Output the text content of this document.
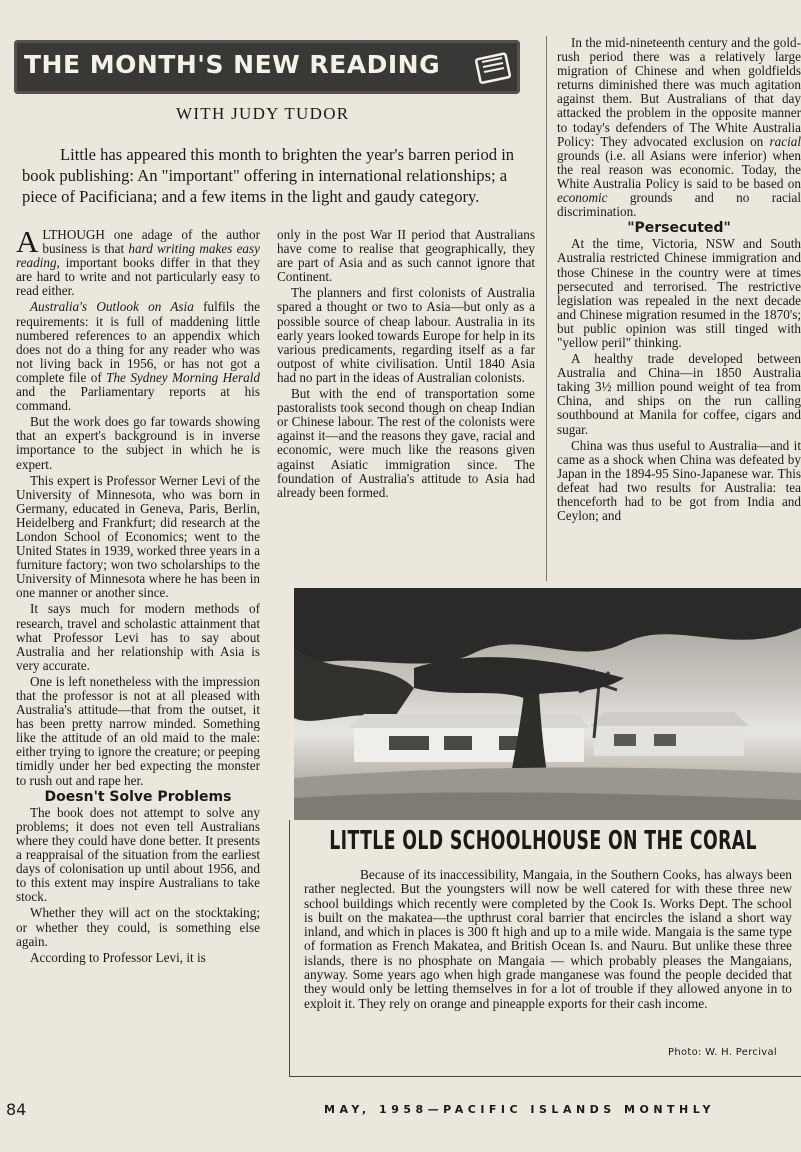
THE MONTH'S NEW READING
WITH JUDY TUDOR
Little has appeared this month to brighten the year's barren period in book publishing: An "important" offering in international relationships; a piece of Pacificiana; and a few items in the light and gaudy category.

ALTHOUGH one adage of the author business is that hard writing makes easy reading, important books differ in that they are hard to write and not particularly easy to read either.

Australia's Outlook on Asia fulfils the requirements: it is full of maddening little numbered references to an appendix which does not do a thing for any reader who was not living back in 1956, or has not got a complete file of The Sydney Morning Herald and the Parliamentary reports at his command.

But the work does go far towards showing that an expert's background is in inverse importance to the subject in which he is expert.

This expert is Professor Werner Levi of the University of Minnesota, who was born in Germany, educated in Geneva, Paris, Berlin, Heidelberg and Frankfurt; did research at the London School of Economics; went to the United States in 1939, worked three years in a furniture factory; won two scholarships to the University of Minnesota where he has been in one manner or another since.

It says much for modern methods of research, travel and scholastic attainment that what Professor Levi has to say about Australia and her relationship with Asia is very accurate.

One is left nonetheless with the impression that the professor is not at all pleased with Australia's attitude—that from the outset, it has been pretty narrow minded. Something like the attitude of an old maid to the male: either trying to ignore the creature; or peeping timidly under her bed expecting the monster to rush out and rape her.

Doesn't Solve Problems

The book does not attempt to solve any problems; it does not even tell Australians where they could have done better. It presents a reappraisal of the situation from the earliest days of colonisation up until about 1956, and to this extent may inspire Australians to take stock.

Whether they will act on the stocktaking; or whether they could, is something else again.

According to Professor Levi, it is

only in the post War II period that Australians have come to realise that geographically, they are part of Asia and as such cannot ignore that Continent.

The planners and first colonists of Australia spared a thought or two to Asia—but only as a possible source of cheap labour. Australia in its early years looked towards Europe for help in its various predicaments, regarding itself as a far outpost of white civilisation. Until 1840 Asia had no part in the ideas of Australian colonists.

But with the end of transportation some pastoralists took second though on cheap Indian or Chinese labour. The rest of the colonists were against it—and the reasons they gave, racial and economic, were much like the reasons given against Asiatic immigration since. The foundation of Australia's attitude to Asia had already been formed.

In the mid-nineteenth century and the gold-rush period there was a relatively large migration of Chinese and when goldfields returns diminished there was much agitation against them. But Australians of that day attacked the problem in the opposite manner to today's defenders of The White Australia Policy: They advocated exclusion on racial grounds (i.e. all Asians were inferior) when the real reason was economic. Today, the White Australia Policy is said to be based on economic grounds and no racial discrimination.

"Persecuted"

At the time, Victoria, NSW and South Australia restricted Chinese immigration and those Chinese in the country were at times persecuted and terrorised. The restrictive legislation was repealed in the next decade and Chinese migration resumed in the 1870's; but public opinion was still tinged with "yellow peril" thinking.

A healthy trade developed between Australia and China—in 1850 Australia taking 3½ million pound weight of tea from China, and ships on the run calling southbound at Manila for coffee, cigars and sugar.

China was thus useful to Australia—and it came as a shock when China was defeated by Japan in the 1894-95 Sino-Japanese war. This defeat had two results for Australia: tea thenceforth had to be got from India and Ceylon; and

LITTLE OLD SCHOOLHOUSE ON THE CORAL
Because of its inaccessibility, Mangaia, in the Southern Cooks, has always been rather neglected. But the youngsters will now be well catered for with these three new school buildings which recently were completed by the Cook Is. Works Dept. The school is built on the makatea—the upthrust coral barrier that encircles the island a short way inland, and which in places is 300 ft high and up to a mile wide. Mangaia is the same type of formation as French Makatea, and British Ocean Is. and Nauru. But unlike these three islands, there is no phosphate on Mangaia — which probably pleases the Mangaians, anyway. Some years ago when high grade manganese was found the people decided that they would only be letting themselves in for a lot of trouble if they allowed anyone in to exploit it. They rely on orange and pineapple exports for their cash income.
Photo: W. H. Percival
84	MAY, 1958—PACIFIC ISLANDS MONTHLY
